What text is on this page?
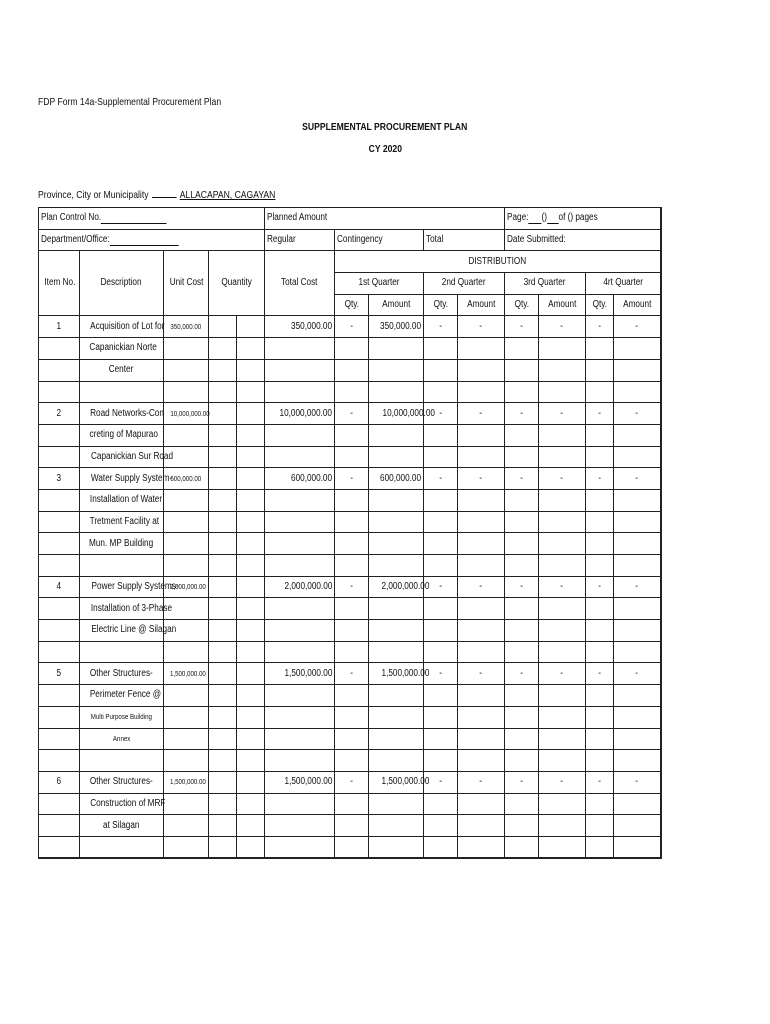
FDP Form 14a-Supplemental Procurement Plan
SUPPLEMENTAL PROCUREMENT PLAN
CY 2020
Province, City or Municipality	ALLACAPAN, CAGAYAN
Plan Control No.					Planned Amount					Page: () of () pages			
Department/Office:					Regular	Contingency		Total		Date Submitted:			
Item No.	Description	Unit Cost	Quantity		Total Cost	DISTRIBUTION							
						1st Quarter		2nd Quarter		3rd Quarter		4rt Quarter	
						Qty.	Amount	Qty.	Amount	Qty.	Amount	Qty.	Amount
1	Acquisition of Lot for	350,000.00			350,000.00	-	350,000.00	-	-	-	-	-	-
	Capanickian Norte												
	Center												

2	Road Networks-Con	10,000,000.00			10,000,000.00	-	10,000,000.00	-	-	-	-	-	-
	creting of Mapurao												
	Capanickian Sur Road												
3	Water Supply System-	600,000.00			600,000.00	-	600,000.00	-	-	-	-	-	-
	Installation of Water												
	Tretment Facility at												
	Mun. MP Building												

4	Power Supply Systems-	2,000,000.00			2,000,000.00	-	2,000,000.00	-	-	-	-	-	-
	Installation of 3-Phase												
	Electric Line @ Silagan												

5	Other Structures-	1,500,000.00			1,500,000.00	-	1,500,000.00	-	-	-	-	-	-
	Perimeter Fence @												
	Multi Purpose Building												
	Annex												

6	Other Structures-	1,500,000.00			1,500,000.00	-	1,500,000.00	-	-	-	-	-	-
	Construction of MRF												
	at Silagan												
